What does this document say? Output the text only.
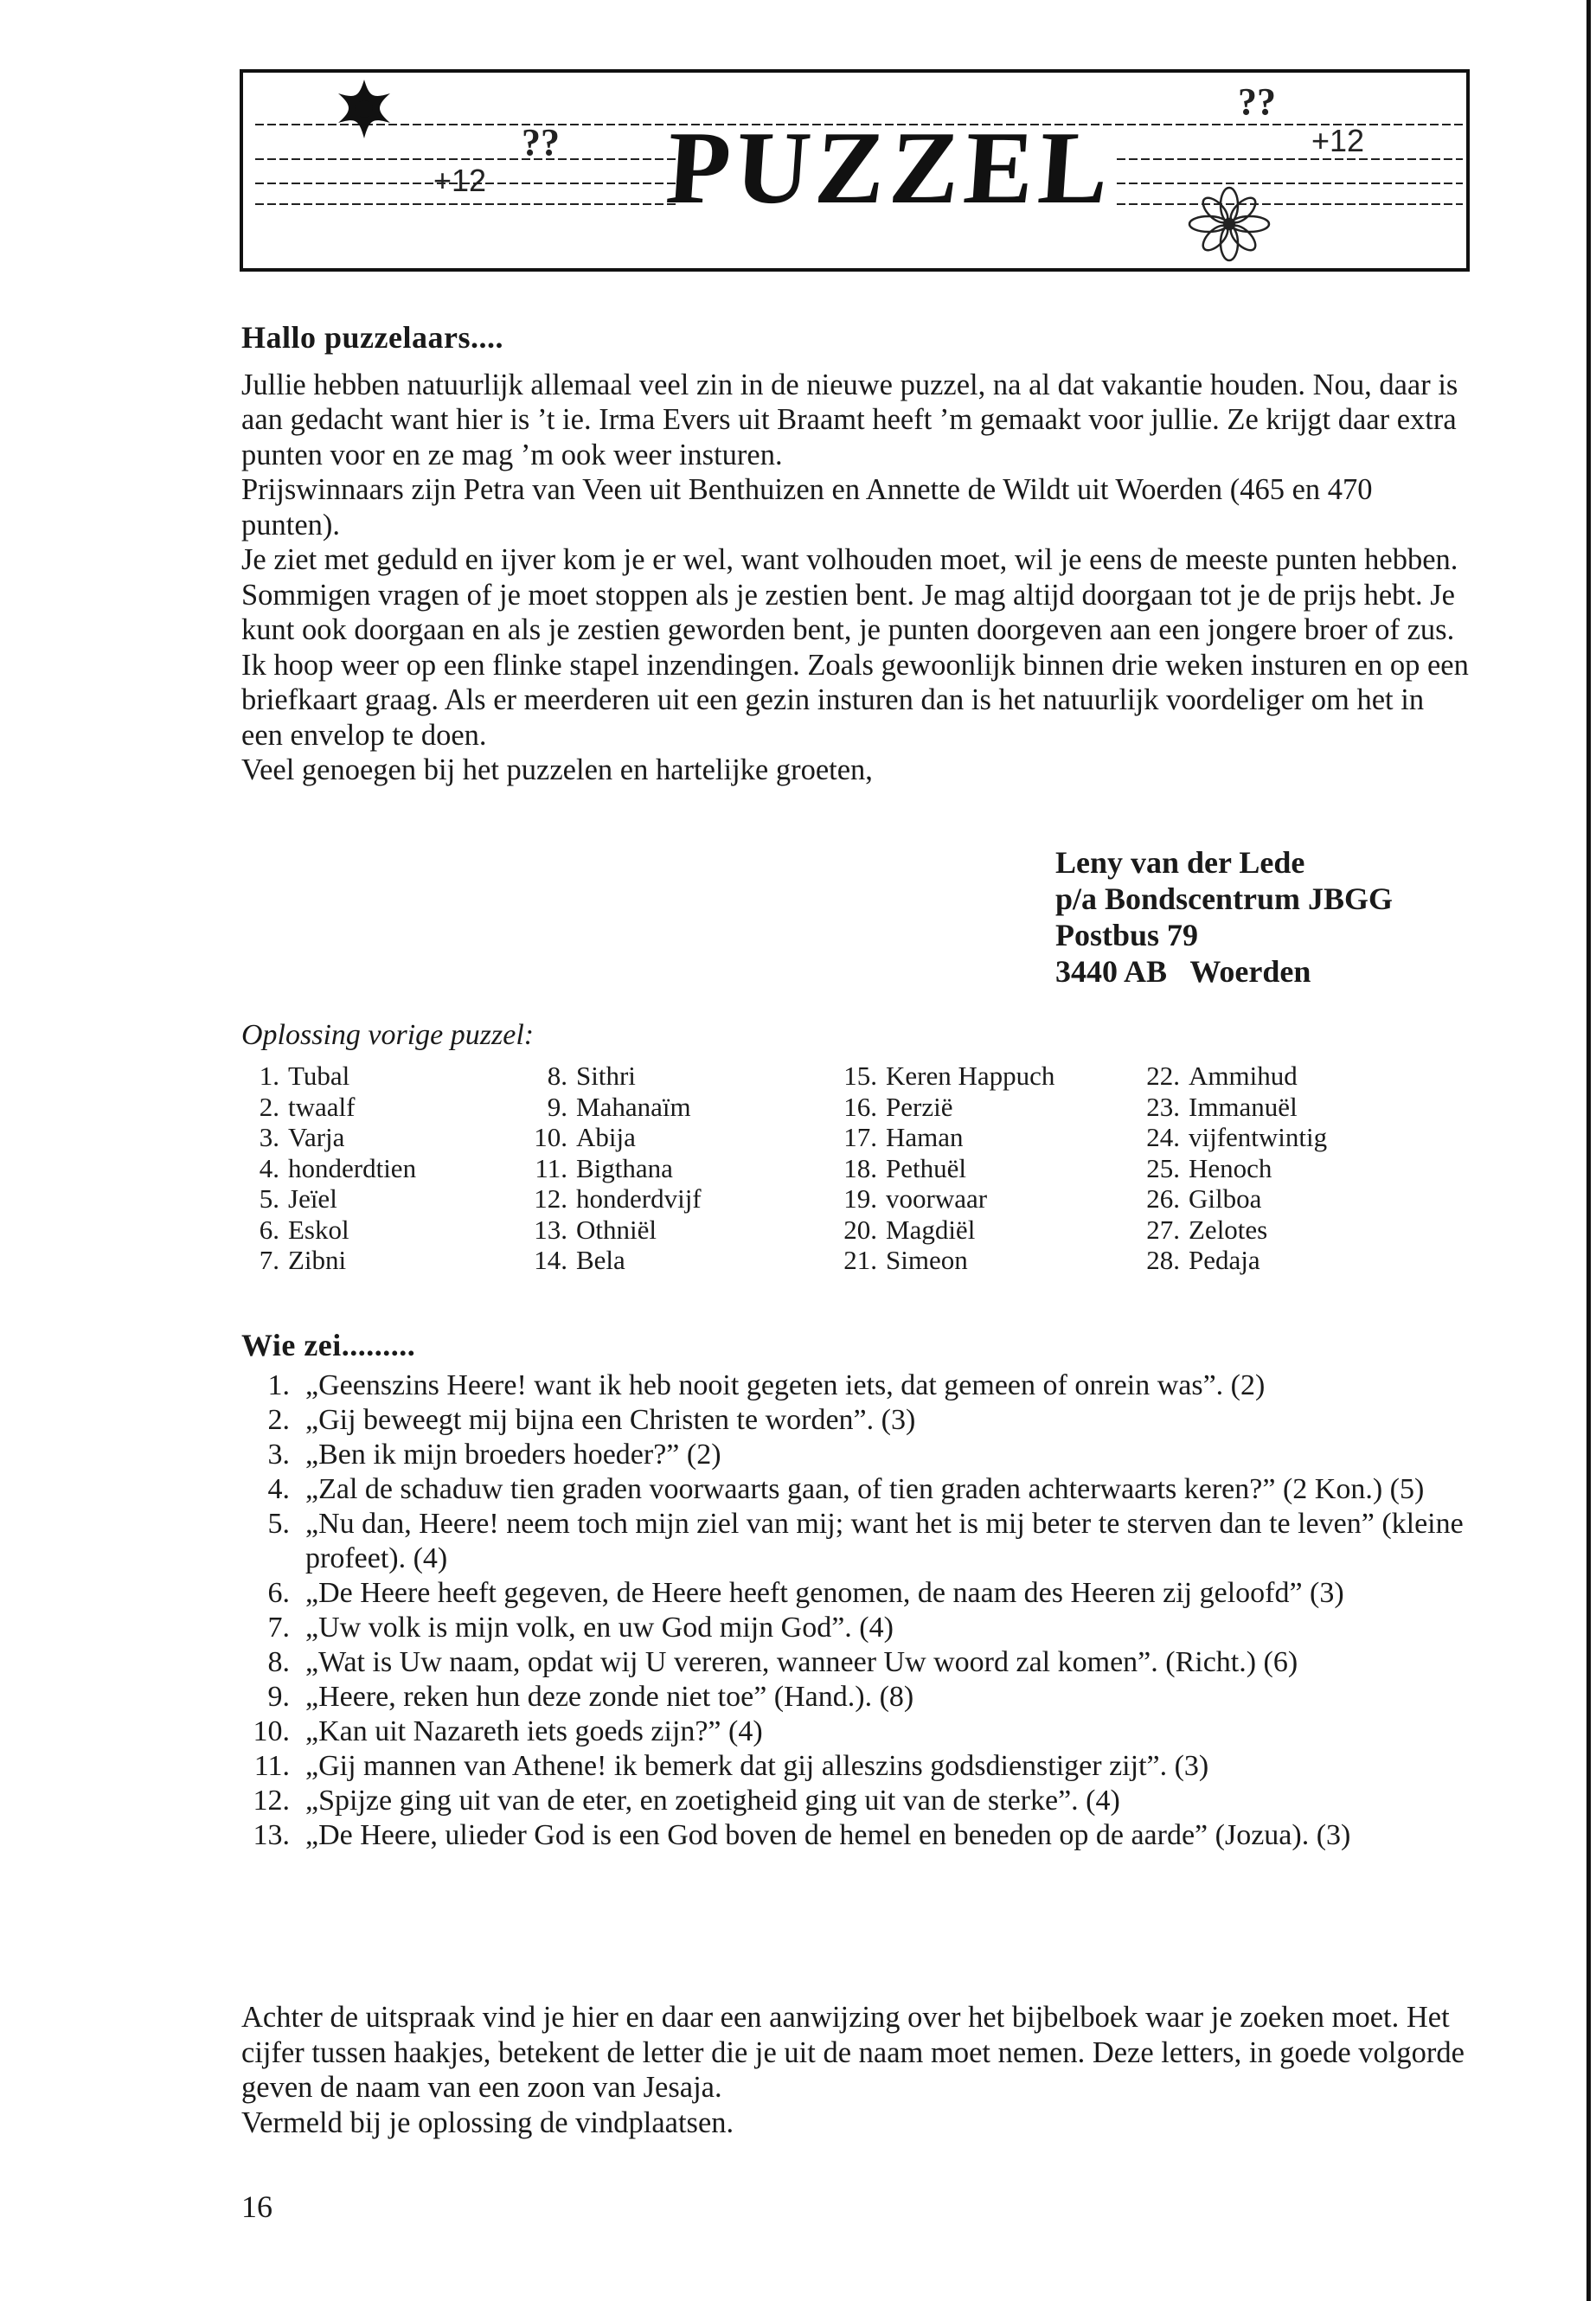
+12
?? PUZZEL
??
+12
Hallo puzzelaars....

Jullie hebben natuurlijk allemaal veel zin in de nieuwe puzzel, na al dat vakantie houden. Nou, daar is aan gedacht want hier is ’t ie. Irma Evers uit Braamt heeft ’m gemaakt voor jullie. Ze krijgt daar extra punten voor en ze mag ’m ook weer insturen.

Prijswinnaars zijn Petra van Veen uit Benthuizen en Annette de Wildt uit Woerden (465 en 470 punten).

Je ziet met geduld en ijver kom je er wel, want volhouden moet, wil je eens de meeste punten hebben.

Sommigen vragen of je moet stoppen als je zestien bent. Je mag altijd doorgaan tot je de prijs hebt. Je kunt ook doorgaan en als je zestien geworden bent, je punten doorgeven aan een jongere broer of zus.

Ik hoop weer op een flinke stapel inzendingen. Zoals gewoonlijk binnen drie weken insturen en op een briefkaart graag. Als er meerderen uit een gezin insturen dan is het natuurlijk voordeliger om het in een envelop te doen.

Veel genoegen bij het puzzelen en hartelijke groeten,

Leny van der Lede
p/a Bondscentrum JBGG
Postbus 79
3440 AB   Woerden
Oplossing vorige puzzel:
1. Tubal
2. twaalf
3. Varja
4. honderdtien
5. Jeïel
6. Eskol
7. Zibni
8. Sithri
9. Mahanaïm
10. Abija
11. Bigthana
12. honderdvijf
13. Othniël
14. Bela
15. Keren Happuch
16. Perzië
17. Haman
18. Pethuël
19. voorwaar
20. Magdiël
21. Simeon
22. Ammihud
23. Immanuël
24. vijfentwintig
25. Henoch
26. Gilboa
27. Zelotes
28. Pedaja
Wie zei.........
1. „Geenszins Heere! want ik heb nooit gegeten iets, dat gemeen of onrein was”. (2)
2. „Gij beweegt mij bijna een Christen te worden”. (3)
3. „Ben ik mijn broeders hoeder?” (2)
4. „Zal de schaduw tien graden voorwaarts gaan, of tien graden achterwaarts keren?” (2 Kon.) (5)
5. „Nu dan, Heere! neem toch mijn ziel van mij; want het is mij beter te sterven dan te leven” (kleine profeet). (4)
6. „De Heere heeft gegeven, de Heere heeft genomen, de naam des Heeren zij geloofd” (3)
7. „Uw volk is mijn volk, en uw God mijn God”. (4)
8. „Wat is Uw naam, opdat wij U vereren, wanneer Uw woord zal komen”. (Richt.) (6)
9. „Heere, reken hun deze zonde niet toe” (Hand.). (8)
10. „Kan uit Nazareth iets goeds zijn?” (4)
11. „Gij mannen van Athene! ik bemerk dat gij alleszins godsdienstiger zijt”. (3)
12. „Spijze ging uit van de eter, en zoetigheid ging uit van de sterke”. (4)
13. „De Heere, ulieder God is een God boven de hemel en beneden op de aarde” (Jozua). (3)

Achter de uitspraak vind je hier en daar een aanwijzing over het bijbelboek waar je zoeken moet. Het cijfer tussen haakjes, betekent de letter die je uit de naam moet nemen. Deze letters, in goede volgorde geven de naam van een zoon van Jesaja.

Vermeld bij je oplossing de vindplaatsen.

16
